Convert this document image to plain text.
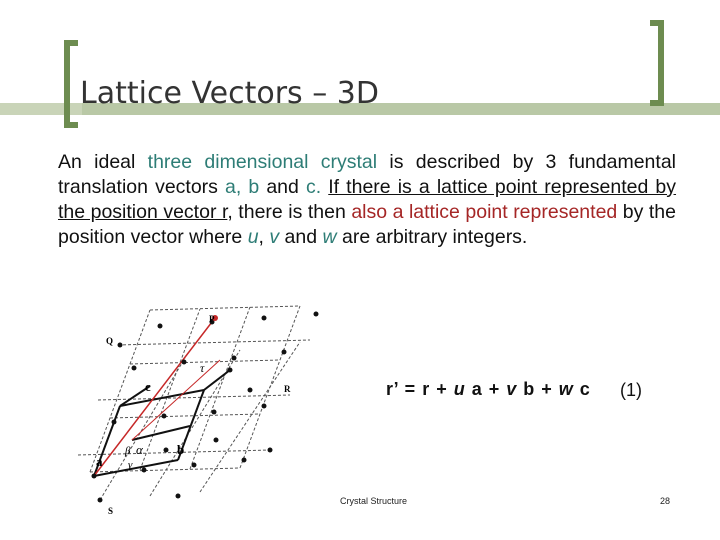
Lattice Vectors – 3D
An ideal three dimensional crystal is described by 3 fundamental translation vectors a, b and c. If there is a lattice point represented by the position vector r, there is then also a lattice point represented by the position vector where u, v and w are arbitrary integers.
P
Q
R
S
τ
c
a
b
α
β
γ
r’ = r + u a + v b + w c (1)
Crystal Structure	28
